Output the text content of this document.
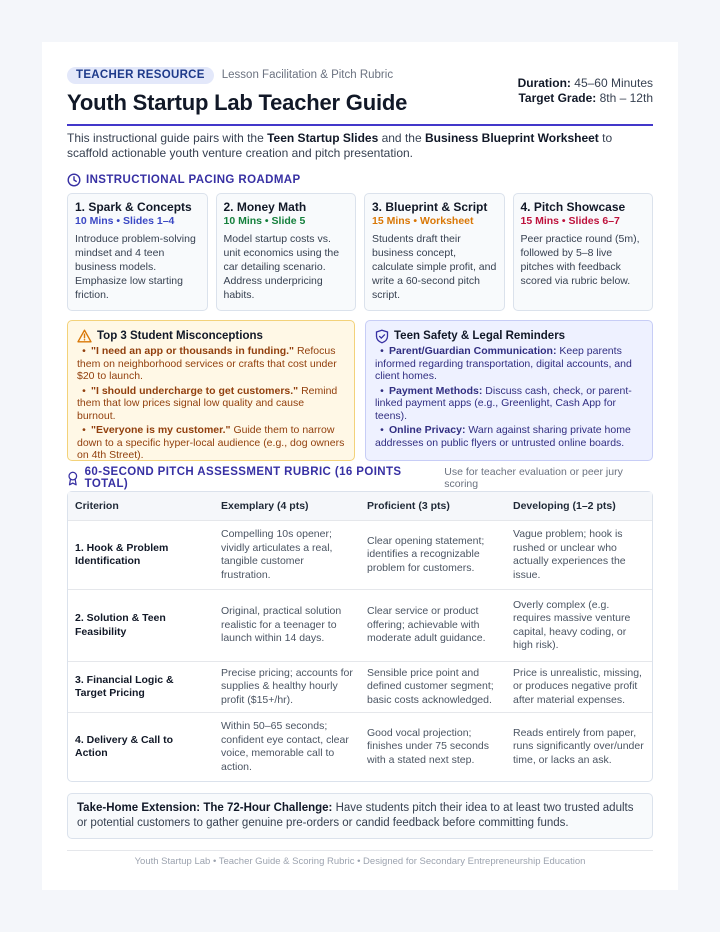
TEACHER RESOURCE	Lesson Facilitation & Pitch Rubric
Youth Startup Lab Teacher Guide
Duration: 45–60 Minutes
Target Grade: 8th – 12th

This instructional guide pairs with the Teen Startup Slides and the Business Blueprint Worksheet to scaffold actionable youth venture creation and pitch presentation.

INSTRUCTIONAL PACING ROADMAP
1. Spark & Concepts
10 Mins • Slides 1–4
Introduce problem-solving mindset and 4 teen business models. Emphasize low starting friction.
2. Money Math
10 Mins • Slide 5
Model startup costs vs. unit economics using the car detailing scenario. Address underpricing habits.
3. Blueprint & Script
15 Mins • Worksheet
Students draft their business concept, calculate simple profit, and write a 60-second pitch script.
4. Pitch Showcase
15 Mins • Slides 6–7
Peer practice round (5m), followed by 5–8 live pitches with feedback scored via rubric below.
Top 3 Student Misconceptions
• "I need an app or thousands in funding." Refocus them on neighborhood services or crafts that cost under $20 to launch.
• "I should undercharge to get customers." Remind them that low prices signal low quality and cause burnout.
• "Everyone is my customer." Guide them to narrow down to a specific hyper-local audience (e.g., dog owners on 4th Street).
Teen Safety & Legal Reminders
• Parent/Guardian Communication: Keep parents informed regarding transportation, digital accounts, and client homes.
• Payment Methods: Discuss cash, check, or parent-linked payment apps (e.g., Greenlight, Cash App for teens).
• Online Privacy: Warn against sharing private home addresses on public flyers or untrusted online boards.
60-SECOND PITCH ASSESSMENT RUBRIC (16 POINTS TOTAL)
Use for teacher evaluation or peer jury scoring
Criterion	Exemplary (4 pts)	Proficient (3 pts)	Developing (1–2 pts)
1. Hook & Problem Identification	Compelling 10s opener; vividly articulates a real, tangible customer frustration.	Clear opening statement; identifies a recognizable problem for customers.	Vague problem; hook is rushed or unclear who actually experiences the issue.
2. Solution & Teen Feasibility	Original, practical solution realistic for a teenager to launch within 14 days.	Clear service or product offering; achievable with moderate adult guidance.	Overly complex (e.g. requires massive venture capital, heavy coding, or high risk).
3. Financial Logic & Target Pricing	Precise pricing; accounts for supplies & healthy hourly profit ($15+/hr).	Sensible price point and defined customer segment; basic costs acknowledged.	Price is unrealistic, missing, or produces negative profit after material expenses.
4. Delivery & Call to Action	Within 50–65 seconds; confident eye contact, clear voice, memorable call to action.	Good vocal projection; finishes under 75 seconds with a stated next step.	Reads entirely from paper, runs significantly over/under time, or lacks an ask.
Take-Home Extension: The 72-Hour Challenge: Have students pitch their idea to at least two trusted adults or potential customers to gather genuine pre-orders or candid feedback before committing funds.
Youth Startup Lab • Teacher Guide & Scoring Rubric • Designed for Secondary Entrepreneurship Education
